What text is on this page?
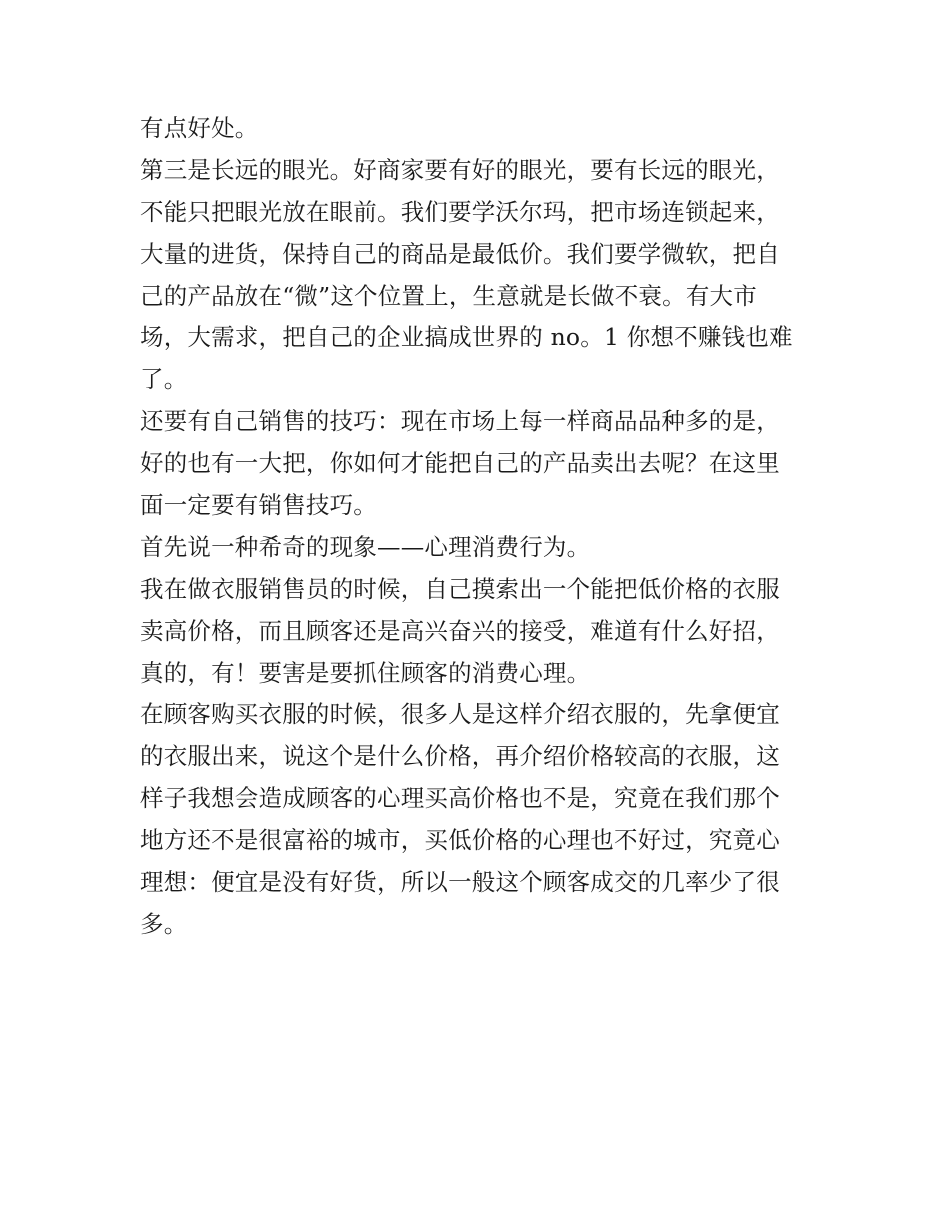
有点好处。
第三是长远的眼光。好商家要有好的眼光，要有长远的眼光，
不能只把眼光放在眼前。我们要学沃尔玛，把市场连锁起来，
大量的进货，保持自己的商品是最低价。我们要学微软，把自
己的产品放在“微”这个位置上，生意就是长做不衰。有大市
场，大需求，把自己的企业搞成世界的 no。1 你想不赚钱也难
了。
还要有自己销售的技巧：现在市场上每一样商品品种多的是，
好的也有一大把，你如何才能把自己的产品卖出去呢？在这里
面一定要有销售技巧。
首先说一种希奇的现象——心理消费行为。
我在做衣服销售员的时候，自己摸索出一个能把低价格的衣服
卖高价格，而且顾客还是高兴奋兴的接受，难道有什么好招，
真的，有！要害是要抓住顾客的消费心理。
在顾客购买衣服的时候，很多人是这样介绍衣服的，先拿便宜
的衣服出来，说这个是什么价格，再介绍价格较高的衣服，这
样子我想会造成顾客的心理买高价格也不是，究竟在我们那个
地方还不是很富裕的城市，买低价格的心理也不好过，究竟心
理想：便宜是没有好货，所以一般这个顾客成交的几率少了很
多。
